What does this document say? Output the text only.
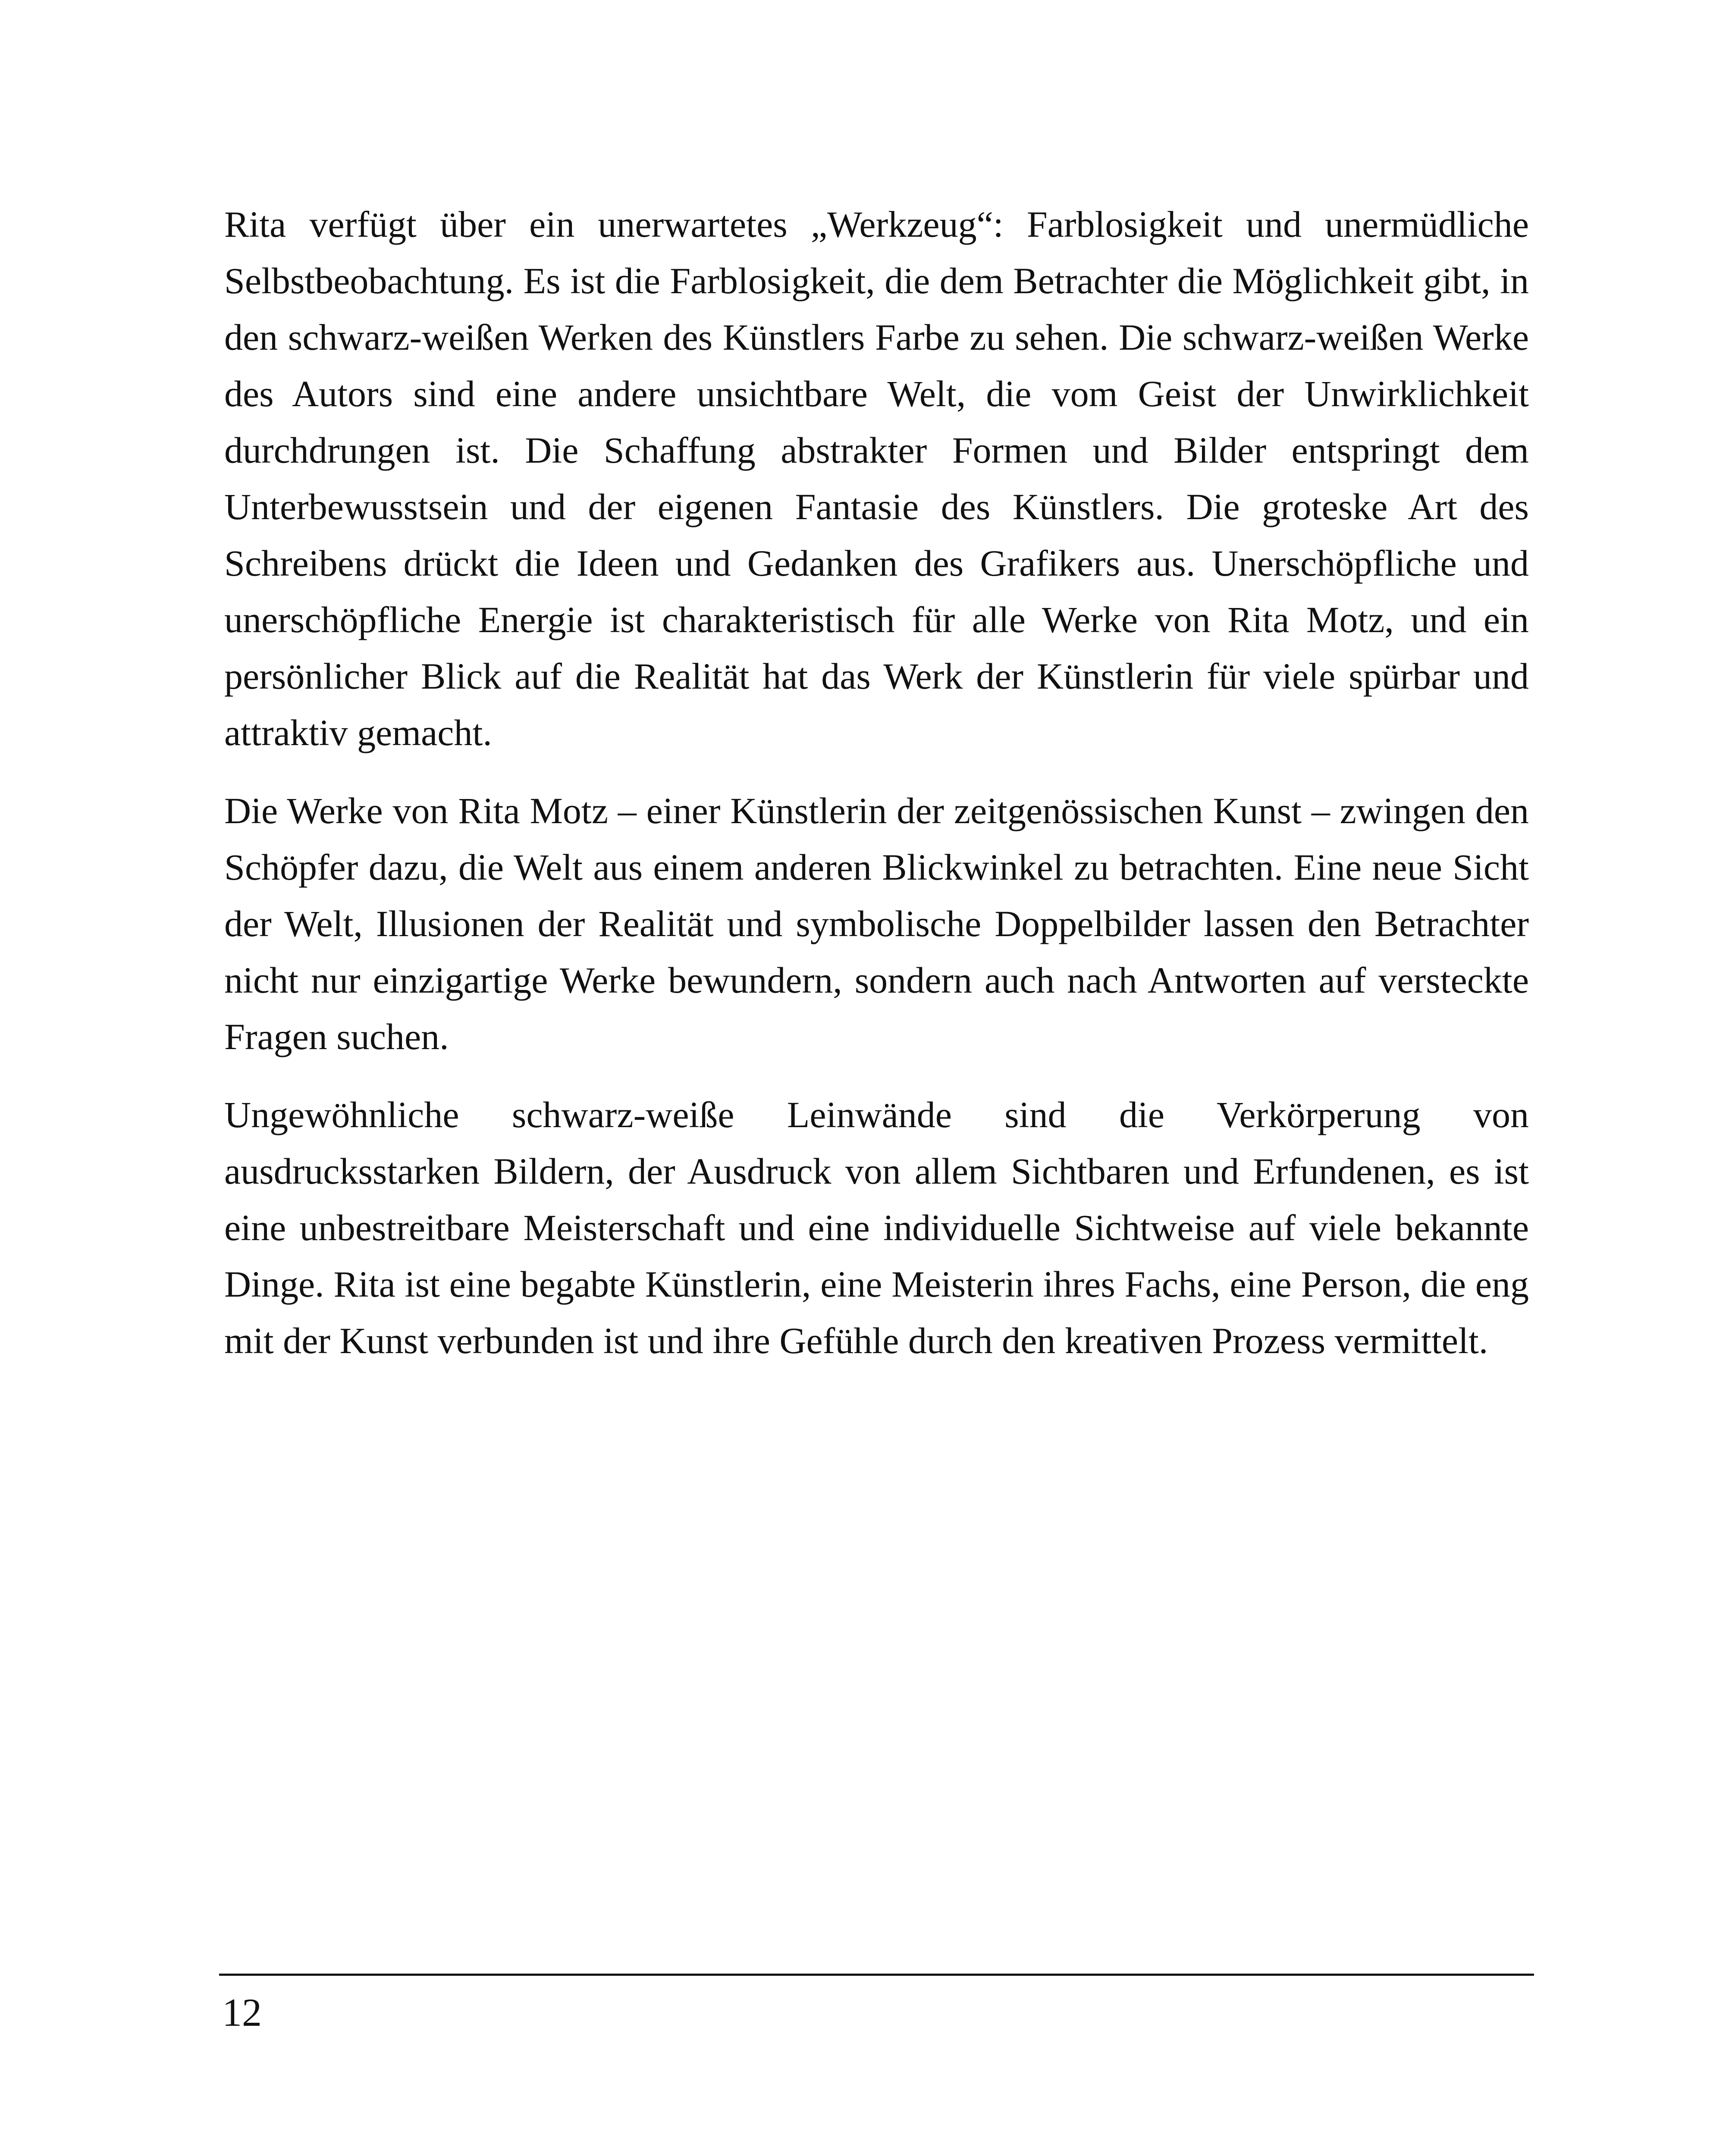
Rita verfügt über ein unerwartetes „Werkzeug“: Farblosigkeit und unermüdliche Selbstbeobachtung. Es ist die Farblosigkeit, die dem Betrachter die Möglichkeit gibt, in den schwarz-weißen Werken des Künstlers Farbe zu sehen. Die schwarz-weißen Werke des Autors sind eine andere unsichtbare Welt, die vom Geist der Unwirklichkeit durchdrungen ist. Die Schaffung abstrakter Formen und Bilder entspringt dem Unterbewusstsein und der eigenen Fantasie des Künstlers. Die groteske Art des Schreibens drückt die Ideen und Gedanken des Grafikers aus. Unerschöpfliche und unerschöpfliche Energie ist charakteristisch für alle Werke von Rita Motz, und ein persönlicher Blick auf die Realität hat das Werk der Künstlerin für viele spürbar und attraktiv gemacht.

Die Werke von Rita Motz – einer Künstlerin der zeitgenössischen Kunst – zwingen den Schöpfer dazu, die Welt aus einem anderen Blickwinkel zu betrachten. Eine neue Sicht der Welt, Illusionen der Realität und symbolische Doppelbilder lassen den Betrachter nicht nur einzigartige Werke bewundern, sondern auch nach Antworten auf versteckte Fragen suchen.

Ungewöhnliche schwarz-weiße Leinwände sind die Verkörperung von ausdrucksstarken Bildern, der Ausdruck von allem Sichtbaren und Erfundenen, es ist eine unbestreitbare Meisterschaft und eine individuelle Sichtweise auf viele bekannte Dinge. Rita ist eine begabte Künstlerin, eine Meisterin ihres Fachs, eine Person, die eng mit der Kunst verbunden ist und ihre Gefühle durch den kreativen Prozess vermittelt.

12
